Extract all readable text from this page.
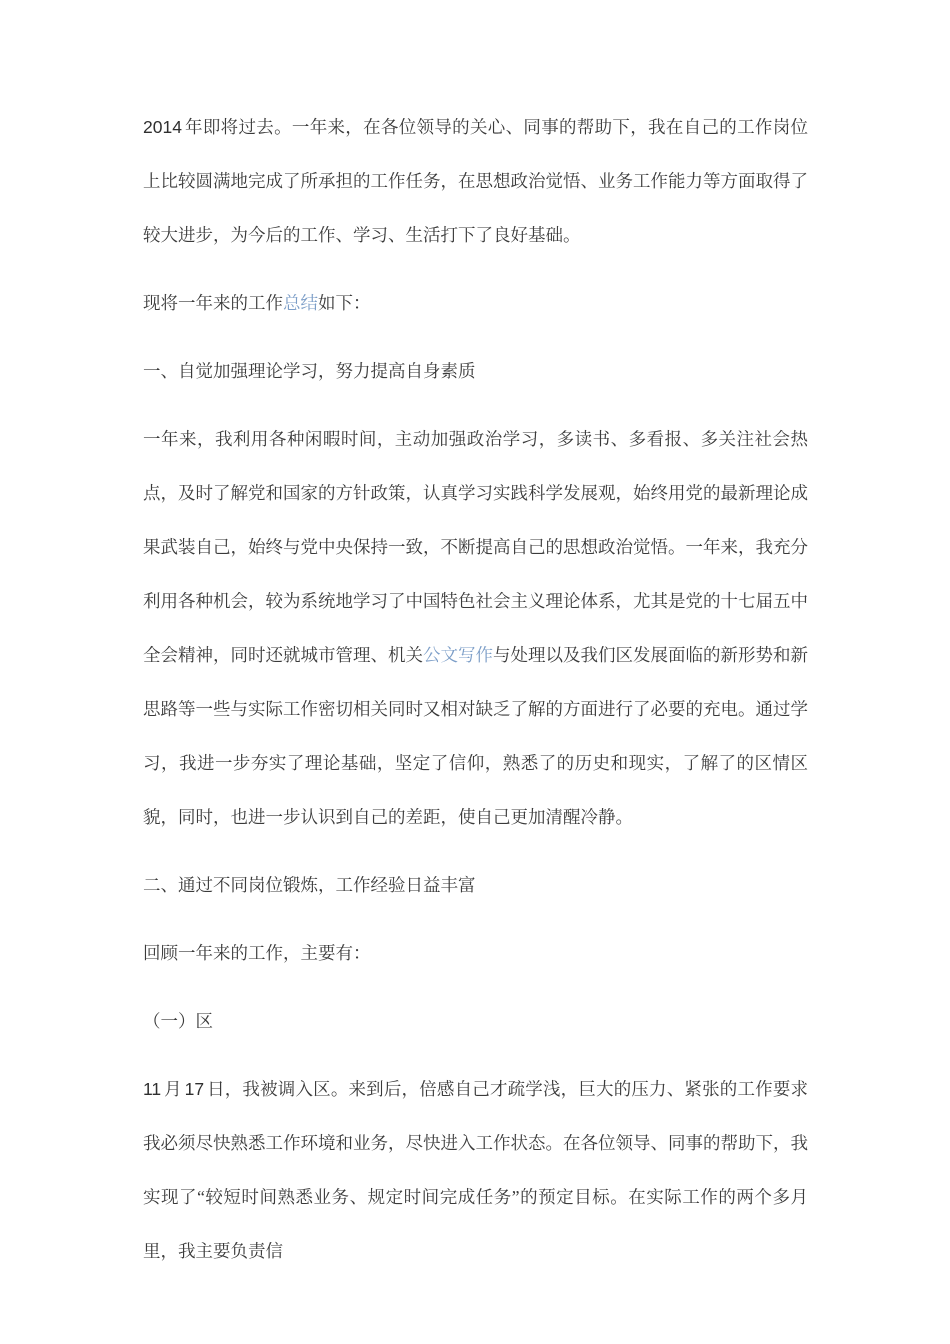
2014 年即将过去。一年来，在各位领导的关心、同事的帮助下，我在自己的工作岗位上比较圆满地完成了所承担的工作任务，在思想政治觉悟、业务工作能力等方面取得了较大进步，为今后的工作、学习、生活打下了良好基础。

现将一年来的工作总结如下：

一、自觉加强理论学习，努力提高自身素质

一年来，我利用各种闲暇时间，主动加强政治学习，多读书、多看报、多关注社会热点，及时了解党和国家的方针政策，认真学习实践科学发展观，始终用党的最新理论成果武装自己，始终与党中央保持一致，不断提高自己的思想政治觉悟。一年来，我充分利用各种机会，较为系统地学习了中国特色社会主义理论体系，尤其是党的十七届五中全会精神，同时还就城市管理、机关公文写作与处理以及我们区发展面临的新形势和新思路等一些与实际工作密切相关同时又相对缺乏了解的方面进行了必要的充电。通过学习，我进一步夯实了理论基础，坚定了信仰，熟悉了的历史和现实，了解了的区情区貌，同时，也进一步认识到自己的差距，使自己更加清醒冷静。

二、通过不同岗位锻炼，工作经验日益丰富

回顾一年来的工作，主要有：

（一）区

11 月 17 日，我被调入区。来到后，倍感自己才疏学浅，巨大的压力、紧张的工作要求我必须尽快熟悉工作环境和业务，尽快进入工作状态。在各位领导、同事的帮助下，我实现了“较短时间熟悉业务、规定时间完成任务”的预定目标。在实际工作的两个多月里，我主要负责信
